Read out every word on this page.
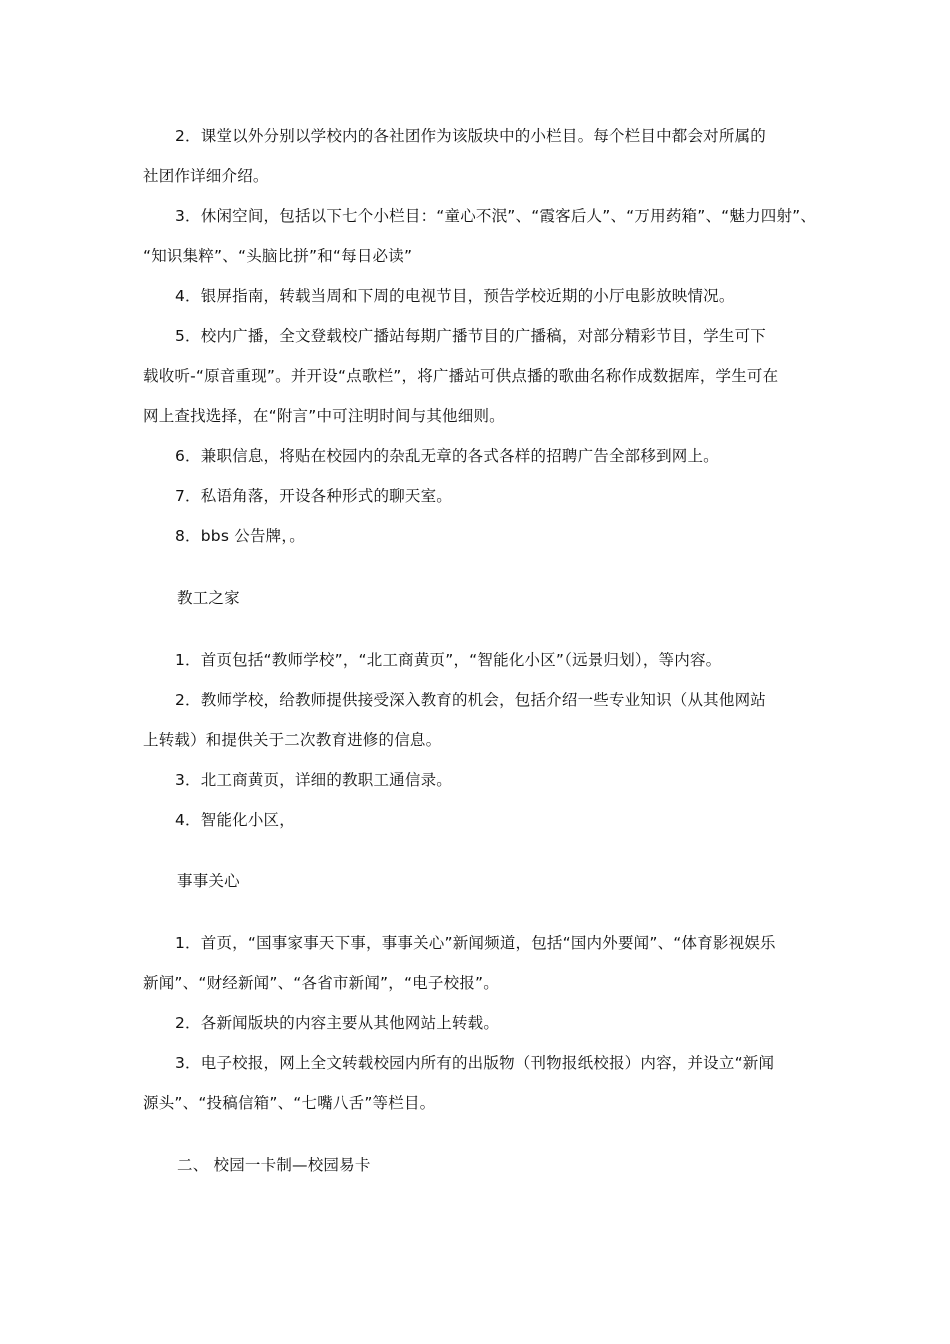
2．课堂以外分别以学校内的各社团作为该版块中的小栏目。每个栏目中都会对所属的
社团作详细介绍。
3．休闲空间，包括以下七个小栏目：“童心不泯”、“霞客后人”、“万用药箱”、“魅力四射”、
“知识集粹”、“头脑比拼”和“每日必读”
4．银屏指南，转载当周和下周的电视节目，预告学校近期的小厅电影放映情况。
5．校内广播，全文登载校广播站每期广播节目的广播稿，对部分精彩节目，学生可下
载收听-“原音重现”。并开设“点歌栏”，将广播站可供点播的歌曲名称作成数据库，学生可在
网上查找选择，在“附言”中可注明时间与其他细则。
6．兼职信息，将贴在校园内的杂乱无章的各式各样的招聘广告全部移到网上。
7．私语角落，开设各种形式的聊天室。
8．bbs 公告牌，。
教工之家
1．首页包括“教师学校”，“北工商黄页”，“智能化小区”（远景归划），等内容。
2．教师学校，给教师提供接受深入教育的机会，包括介绍一些专业知识（从其他网站
上转载）和提供关于二次教育进修的信息。
3．北工商黄页，详细的教职工通信录。
4．智能化小区，
事事关心
1．首页，“国事家事天下事，事事关心”新闻频道，包括“国内外要闻”、“体育影视娱乐
新闻”、“财经新闻”、“各省市新闻”，“电子校报”。
2．各新闻版块的内容主要从其他网站上转载。
3．电子校报，网上全文转载校园内所有的出版物（刊物报纸校报）内容，并设立“新闻
源头”、“投稿信箱”、“七嘴八舌”等栏目。
二、 校园一卡制—校园易卡
